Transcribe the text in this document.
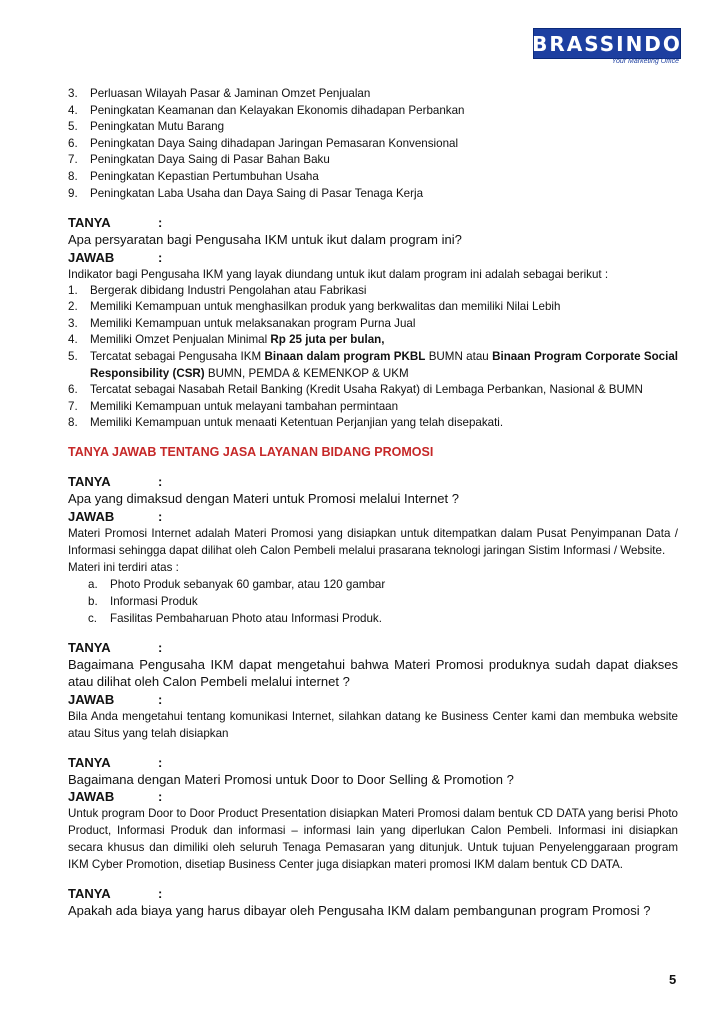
BRASSINDO
Your Marketing Office
3.	Perluasan Wilayah Pasar & Jaminan Omzet Penjualan
4.	Peningkatan Keamanan dan Kelayakan Ekonomis dihadapan Perbankan
5.	Peningkatan Mutu Barang
6.	Peningkatan Daya Saing dihadapan Jaringan Pemasaran Konvensional
7.	Peningkatan Daya Saing di Pasar Bahan Baku
8.	Peningkatan Kepastian Pertumbuhan Usaha
9.	Peningkatan Laba Usaha dan Daya Saing di Pasar Tenaga Kerja
TANYA	:
Apa persyaratan bagi Pengusaha IKM untuk ikut dalam program ini?
JAWAB	:
Indikator bagi Pengusaha IKM yang layak diundang untuk ikut dalam program ini adalah sebagai berikut :
1.	Bergerak dibidang Industri Pengolahan atau Fabrikasi
2.	Memiliki Kemampuan untuk menghasilkan produk yang berkwalitas dan memiliki Nilai Lebih
3.	Memiliki Kemampuan untuk melaksanakan program Purna Jual
4.	Memiliki Omzet Penjualan Minimal Rp 25 juta per bulan,
5.	Tercatat sebagai Pengusaha IKM Binaan dalam program PKBL BUMN atau Binaan Program Corporate Social Responsibility (CSR) BUMN, PEMDA & KEMENKOP & UKM
6.	Tercatat sebagai Nasabah Retail Banking (Kredit Usaha Rakyat) di Lembaga Perbankan, Nasional & BUMN
7.	Memiliki Kemampuan untuk melayani tambahan permintaan
8.	Memiliki Kemampuan untuk menaati Ketentuan Perjanjian yang telah disepakati.
TANYA JAWAB TENTANG JASA LAYANAN BIDANG PROMOSI
TANYA	:
Apa yang dimaksud dengan Materi untuk Promosi melalui Internet ?
JAWAB	:
Materi Promosi Internet adalah Materi Promosi yang disiapkan untuk ditempatkan dalam Pusat Penyimpanan Data / Informasi sehingga dapat dilihat oleh Calon Pembeli melalui prasarana teknologi jaringan Sistim Informasi / Website.
Materi ini terdiri atas :
a.	Photo Produk sebanyak 60 gambar, atau 120 gambar
b.	Informasi Produk
c.	Fasilitas Pembaharuan Photo atau Informasi Produk.
TANYA	:
Bagaimana Pengusaha IKM dapat mengetahui bahwa Materi Promosi produknya sudah dapat diakses atau dilihat oleh Calon Pembeli melalui internet ?
JAWAB	:
Bila Anda mengetahui tentang komunikasi Internet, silahkan datang ke Business Center kami dan membuka website atau Situs yang telah disiapkan
TANYA	:
Bagaimana dengan Materi Promosi untuk Door to Door Selling & Promotion ?
JAWAB	:
Untuk program Door to Door Product Presentation disiapkan Materi Promosi dalam bentuk CD DATA yang berisi Photo Product, Informasi Produk dan informasi – informasi lain yang diperlukan Calon Pembeli. Informasi ini disiapkan secara khusus dan dimiliki oleh seluruh Tenaga Pemasaran yang ditunjuk. Untuk tujuan Penyelenggaraan program IKM Cyber Promotion, disetiap Business Center juga disiapkan materi promosi IKM dalam bentuk CD DATA.
TANYA	:
Apakah ada biaya yang harus dibayar oleh Pengusaha IKM dalam pembangunan program Promosi ?
5
